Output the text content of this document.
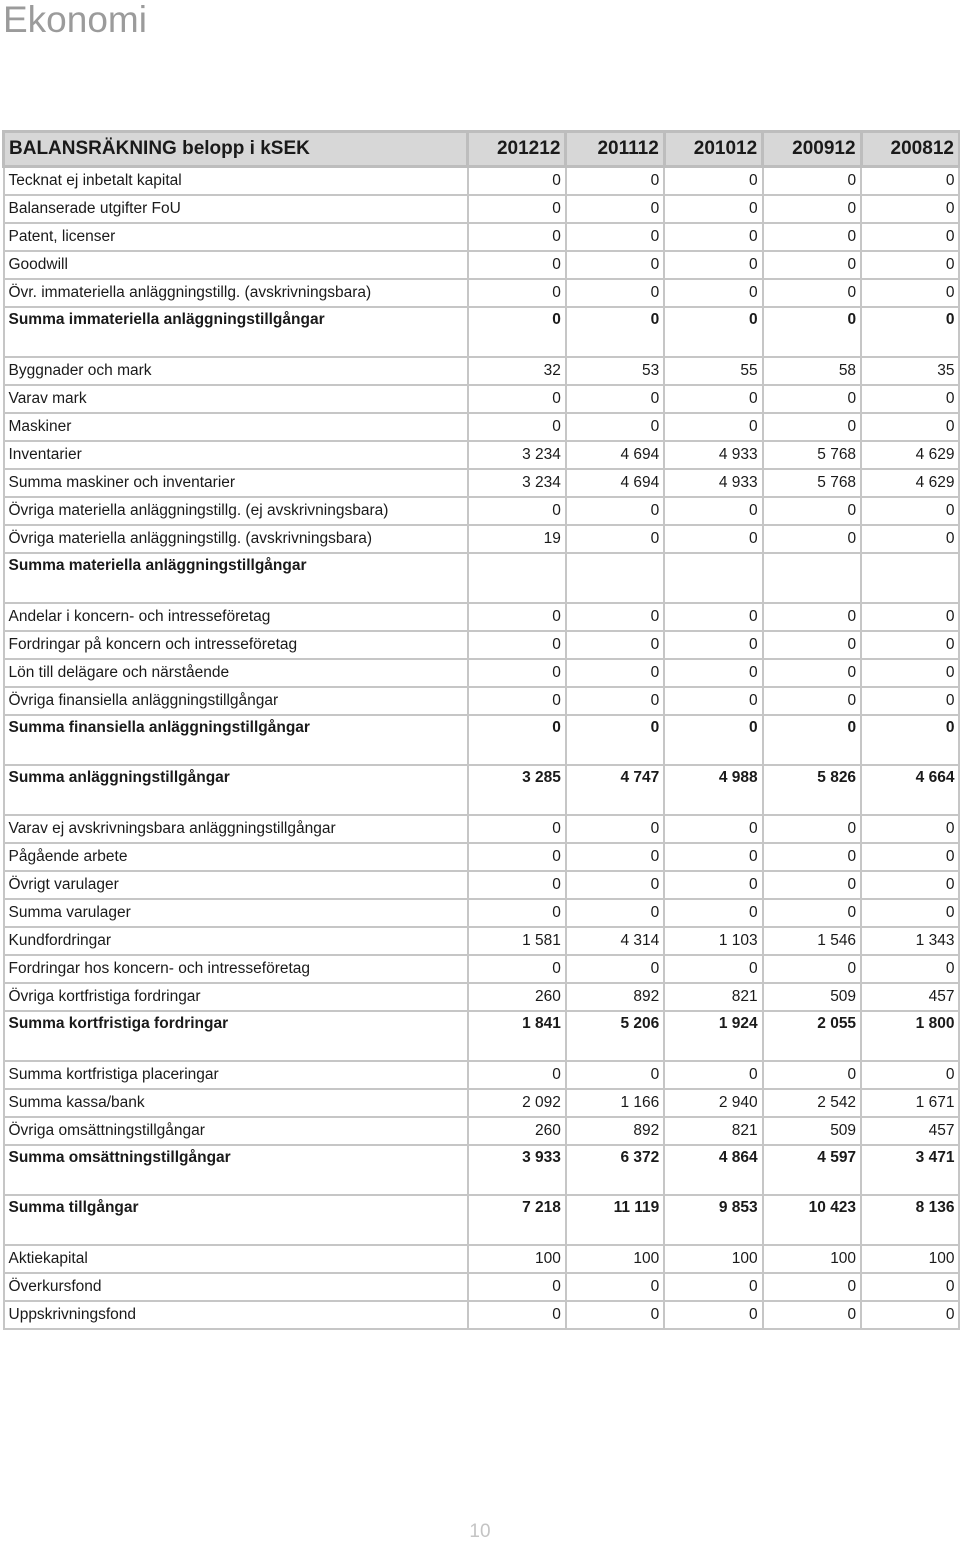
Ekonomi
BALANSRÄKNING belopp i kSEK	201212	201112	201012	200912	200812
Tecknat ej inbetalt kapital	0	0	0	0	0
Balanserade utgifter FoU	0	0	0	0	0
Patent, licenser	0	0	0	0	0
Goodwill	0	0	0	0	0
Övr. immateriella anläggningstillg. (avskrivningsbara)	0	0	0	0	0
Summa immateriella anläggningstillgångar	0	0	0	0	0
Byggnader och mark	32	53	55	58	35
Varav mark	0	0	0	0	0
Maskiner	0	0	0	0	0
Inventarier	3 234	4 694	4 933	5 768	4 629
Summa maskiner och inventarier	3 234	4 694	4 933	5 768	4 629
Övriga materiella anläggningstillg. (ej avskrivningsbara)	0	0	0	0	0
Övriga materiella anläggningstillg. (avskrivningsbara)	19	0	0	0	0
Summa materiella anläggningstillgångar					
Andelar i koncern- och intresseföretag	0	0	0	0	0
Fordringar på koncern och intresseföretag	0	0	0	0	0
Lön till delägare och närstående	0	0	0	0	0
Övriga finansiella anläggningstillgångar	0	0	0	0	0
Summa finansiella anläggningstillgångar	0	0	0	0	0
Summa anläggningstillgångar	3 285	4 747	4 988	5 826	4 664
Varav ej avskrivningsbara anläggningstillgångar	0	0	0	0	0
Pågående arbete	0	0	0	0	0
Övrigt varulager	0	0	0	0	0
Summa varulager	0	0	0	0	0
Kundfordringar	1 581	4 314	1 103	1 546	1 343
Fordringar hos koncern- och intresseföretag	0	0	0	0	0
Övriga kortfristiga fordringar	260	892	821	509	457
Summa kortfristiga fordringar	1 841	5 206	1 924	2 055	1 800
Summa kortfristiga placeringar	0	0	0	0	0
Summa kassa/bank	2 092	1 166	2 940	2 542	1 671
Övriga omsättningstillgångar	260	892	821	509	457
Summa omsättningstillgångar	3 933	6 372	4 864	4 597	3 471
Summa tillgångar	7 218	11 119	9 853	10 423	8 136
Aktiekapital	100	100	100	100	100
Överkursfond	0	0	0	0	0
Uppskrivningsfond	0	0	0	0	0
10
